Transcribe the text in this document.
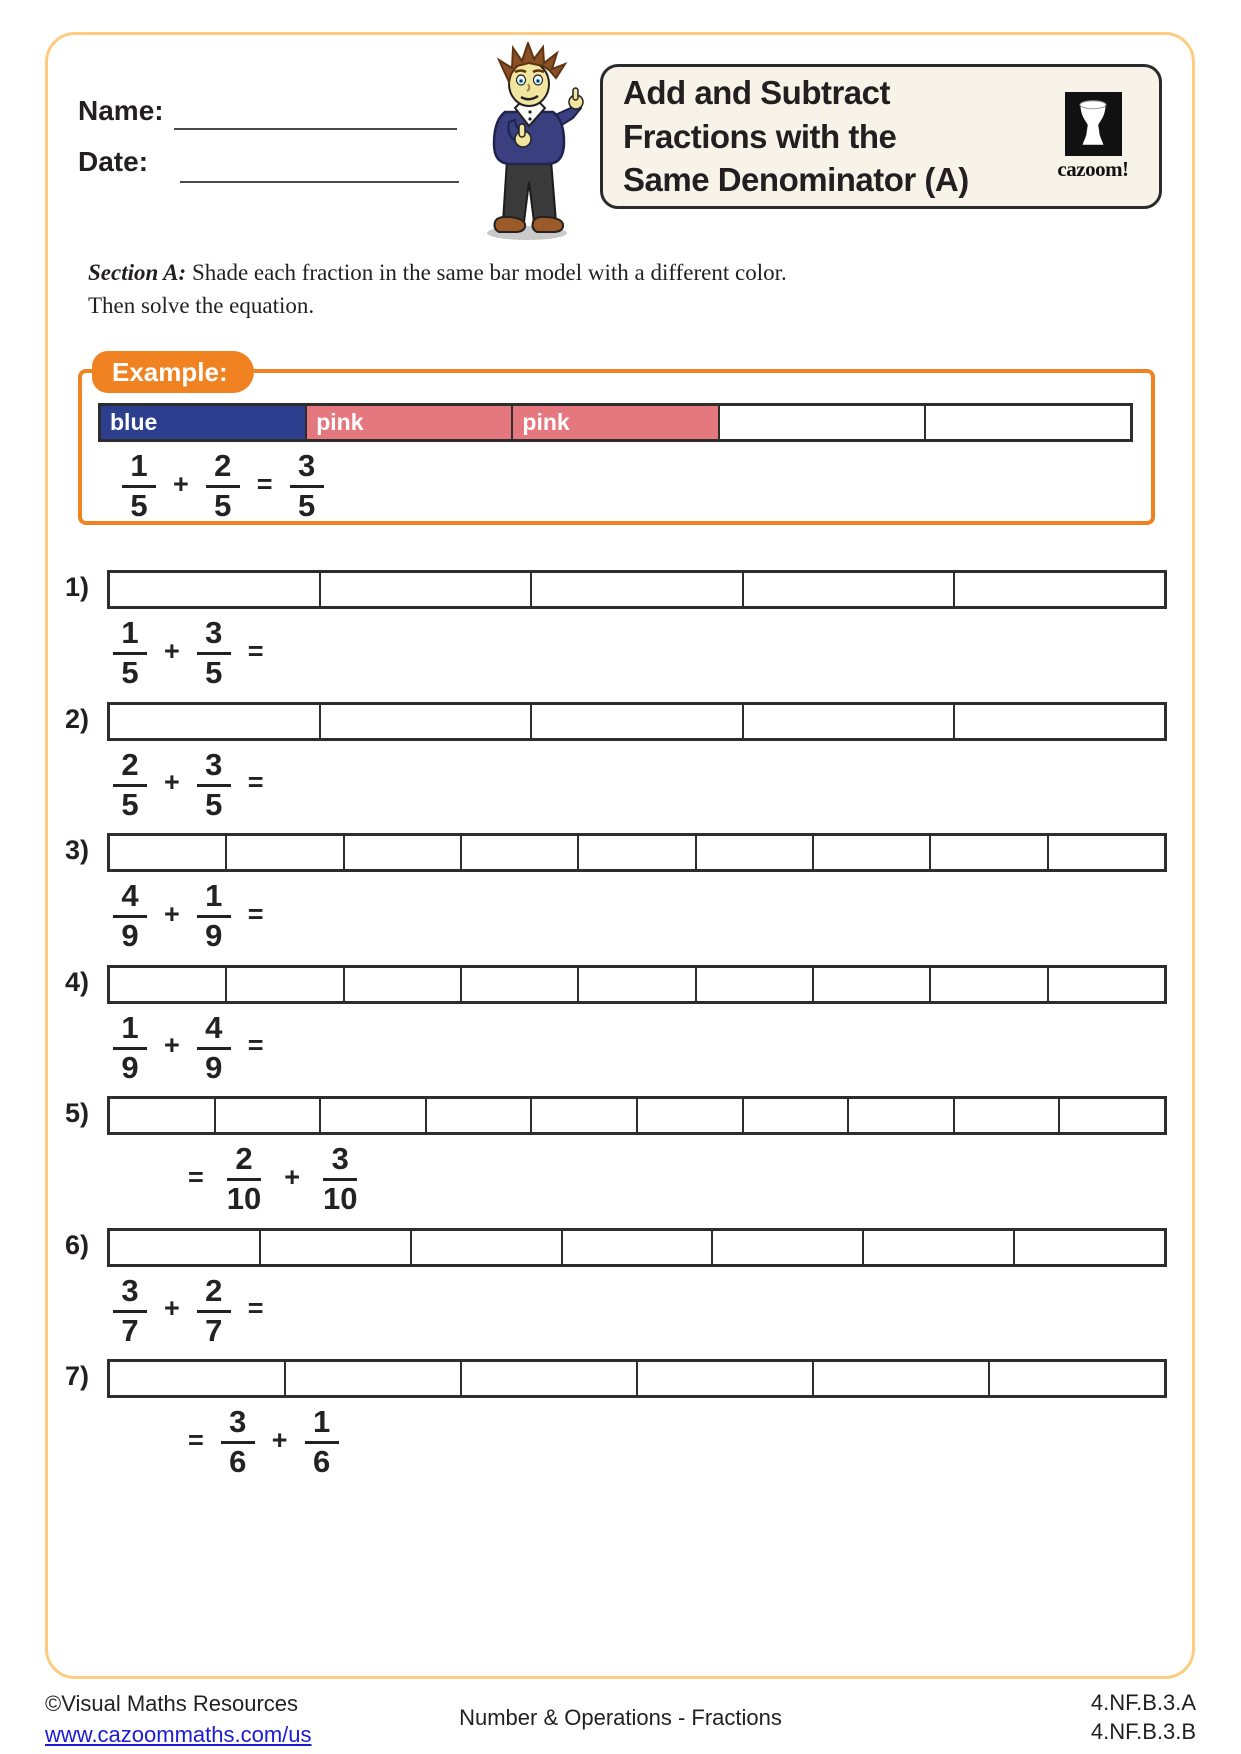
Name:
Date:
Add and Subtract
Fractions with the
Same Denominator (A)	cazoom!
Section A: Shade each fraction in the same bar model with a different color.
Then solve the equation.
Example:
blue	pink	pink
$\frac{1}{5} + \frac{2}{5} = \frac{3}{5}$
1)
$\frac{1}{5} + \frac{3}{5}$ =
2)
$\frac{2}{5} + \frac{3}{5}$ =
3)
$\frac{4}{9} + \frac{1}{9}$ =
4)
$\frac{1}{9} + \frac{4}{9}$ =
5)
= $\frac{2}{10} + \frac{3}{10}$
6)
$\frac{3}{7} + \frac{2}{7}$ =
7)
= $\frac{3}{6} + \frac{1}{6}$
©Visual Maths Resources
www.cazoommaths.com/us
Number & Operations - Fractions
4.NF.B.3.A
4.NF.B.3.B
